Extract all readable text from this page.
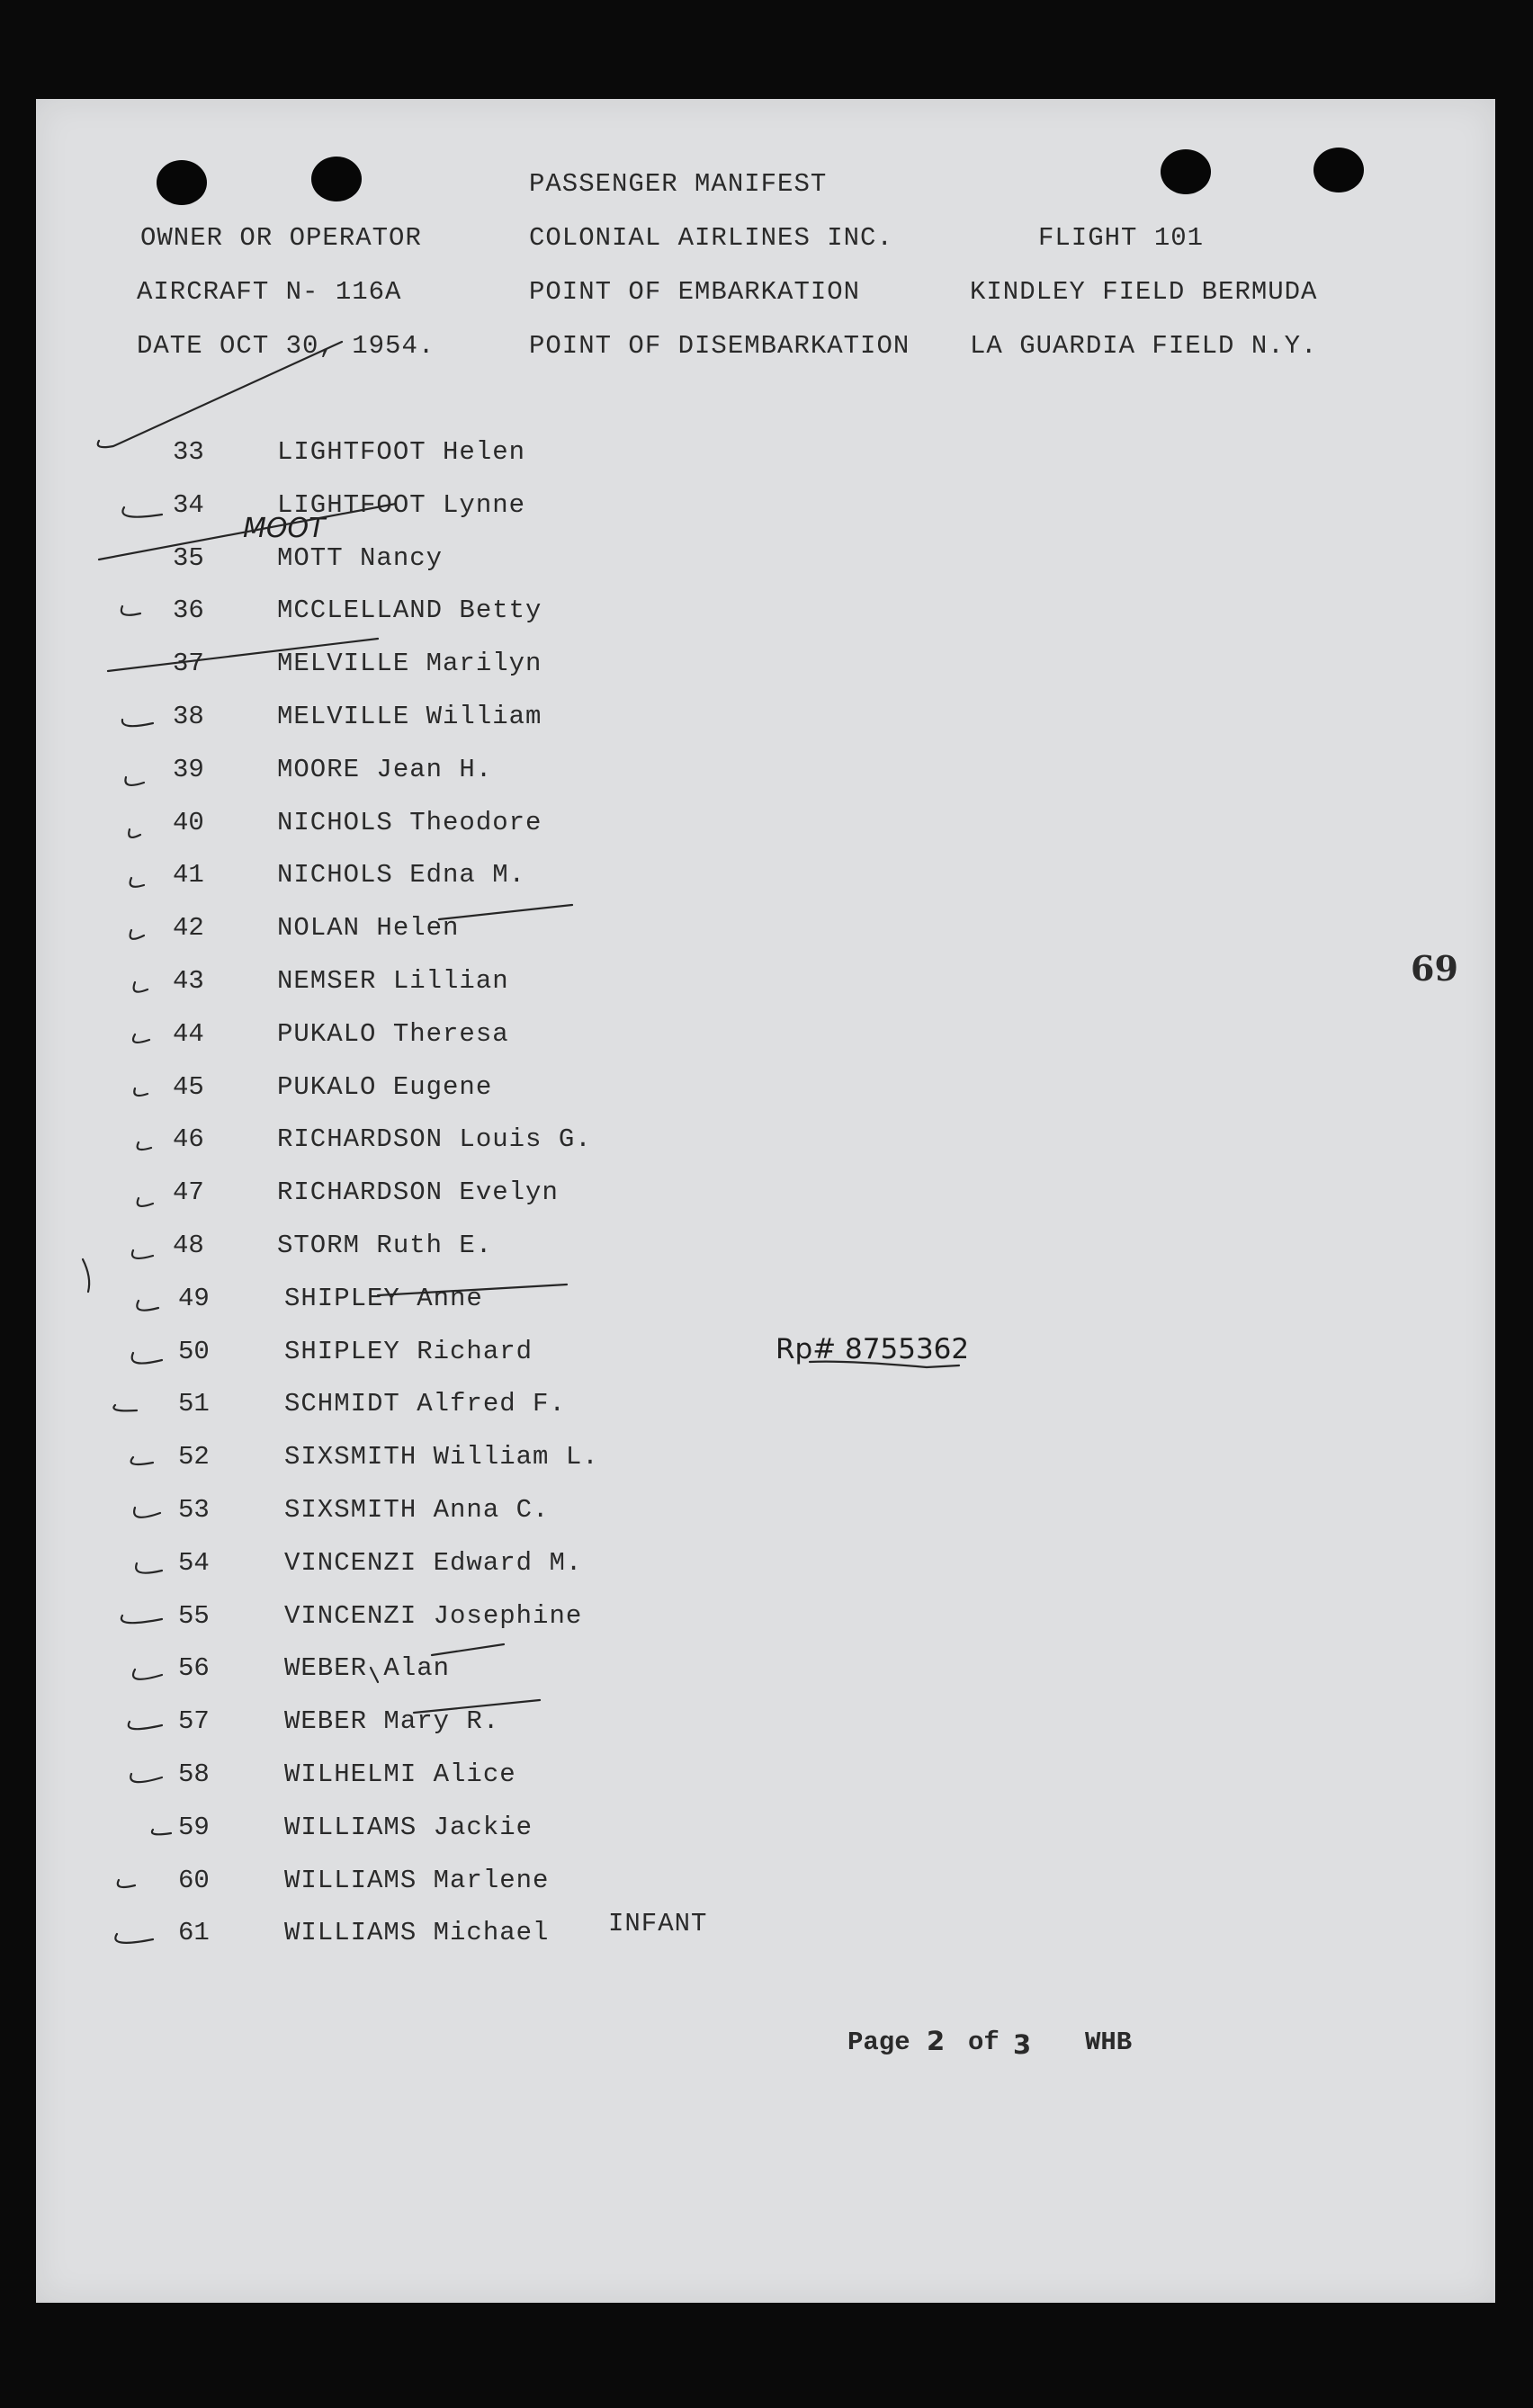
PASSENGER MANIFEST
OWNER OR OPERATOR	COLONIAL AIRLINES INC.	FLIGHT 101
AIRCRAFT N- 116A	POINT OF EMBARKATION	KINDLEY FIELD BERMUDA
DATE OCT 30, 1954.	POINT OF DISEMBARKATION LA GUARDIA FIELD N.Y.
33	LIGHTFOOT Helen
34	LIGHTFOOT Lynne
35	MOTT Nancy
36	MCCLELLAND Betty
37	MELVILLE Marilyn
38	MELVILLE William
39	MOORE Jean H.
40	NICHOLS Theodore
41	NICHOLS Edna M.
42	NOLAN Helen
43	NEMSER Lillian
44	PUKALO Theresa
45	PUKALO Eugene
46	RICHARDSON Louis G.
47	RICHARDSON Evelyn
48	STORM Ruth E.
49	SHIPLEY Anne
50	SHIPLEY Richard
51	SCHMIDT Alfred F.
52	SIXSMITH William L.
53	SIXSMITH Anna C.
54	VINCENZI Edward M.
55	VINCENZI Josephine
56	WEBER Alan
57	WEBER Mary R.
58	WILHELMI Alice
59	WILLIAMS Jackie
60	WILLIAMS Marlene
61	WILLIAMS Michael
MOOT
INFANT
Rp# 8755362
69
Page 2 of 3 WHB
